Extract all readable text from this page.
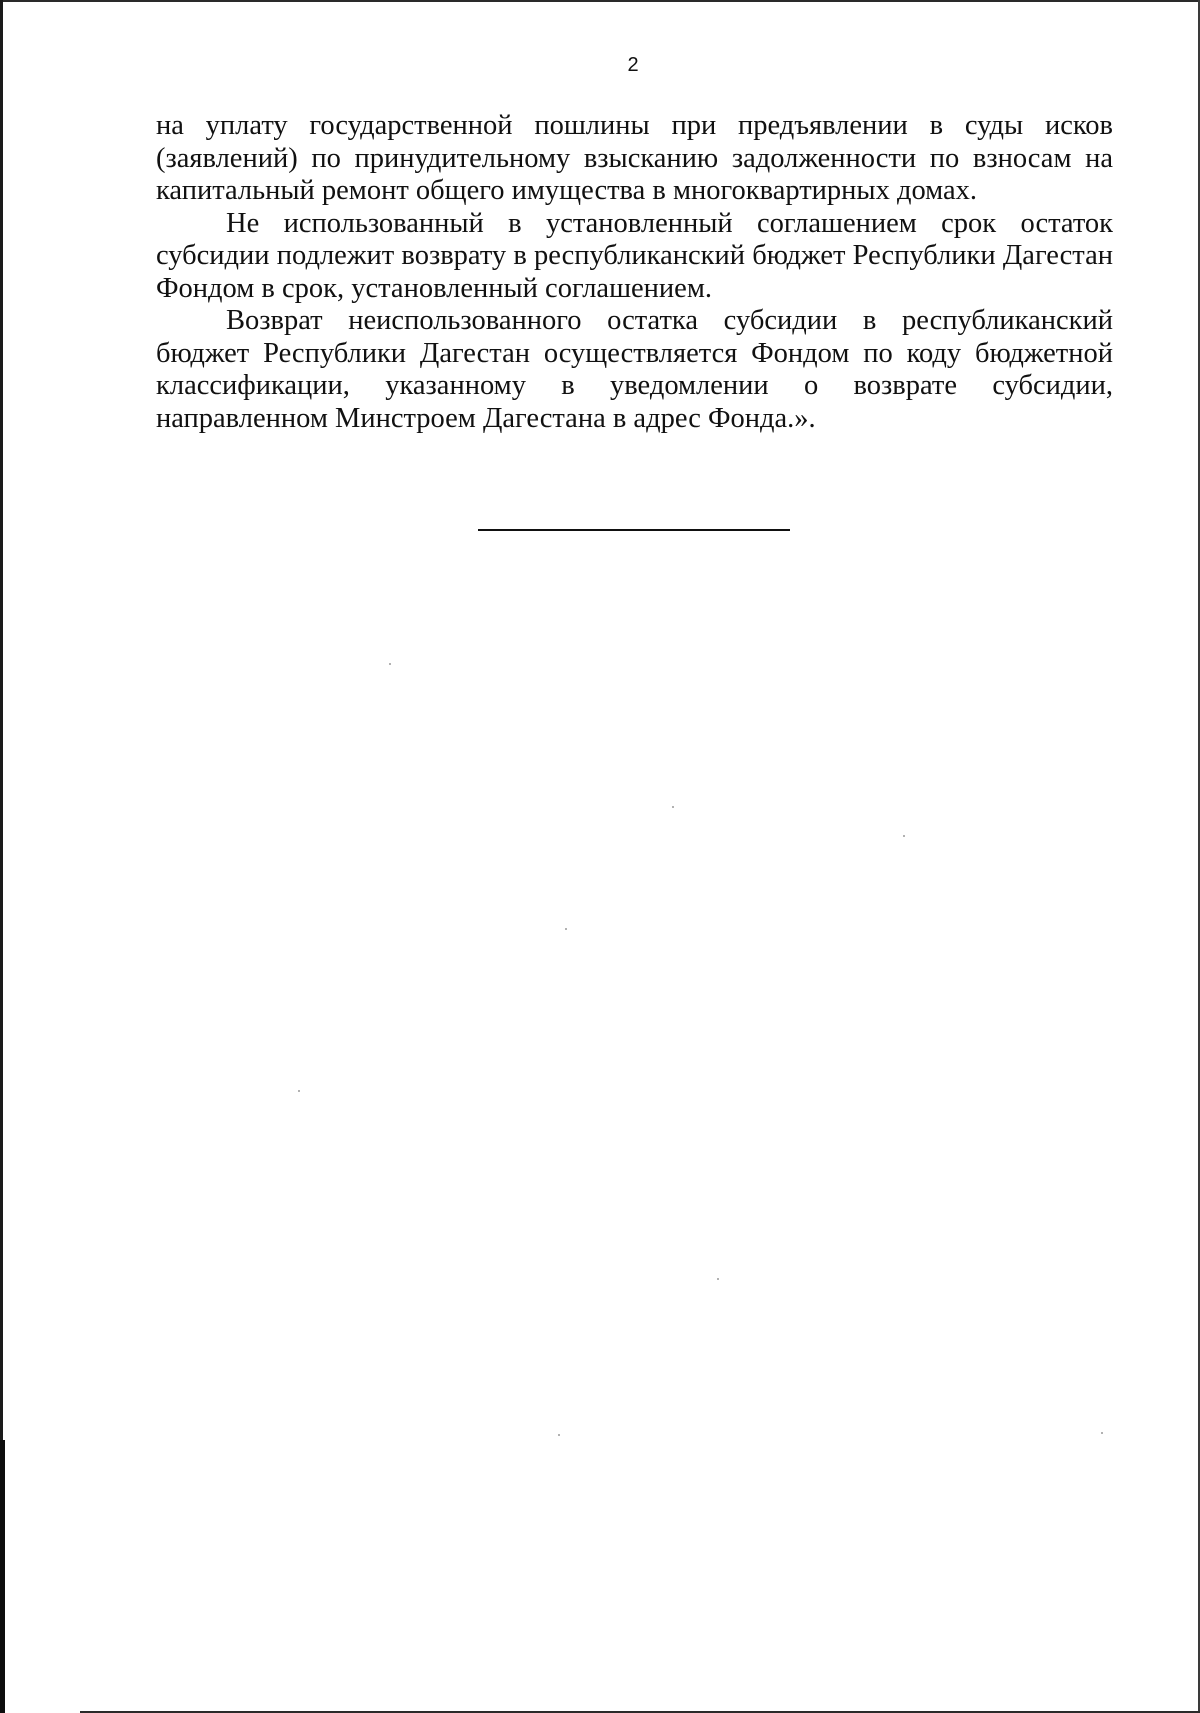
2

на уплату государственной пошлины при предъявлении в суды исков (заявлений) по принудительному взысканию задолженности по взносам на капитальный ремонт общего имущества в многоквартирных домах.

Не использованный в установленный соглашением срок остаток субсидии подлежит возврату в республиканский бюджет Республики Дагестан Фондом в срок, установленный соглашением.

Возврат неиспользованного остатка субсидии в республиканский бюджет Республики Дагестан осуществляется Фондом по коду бюджетной классификации, указанному в уведомлении о возврате субсидии, направленном Минстроем Дагестана в адрес Фонда.».
